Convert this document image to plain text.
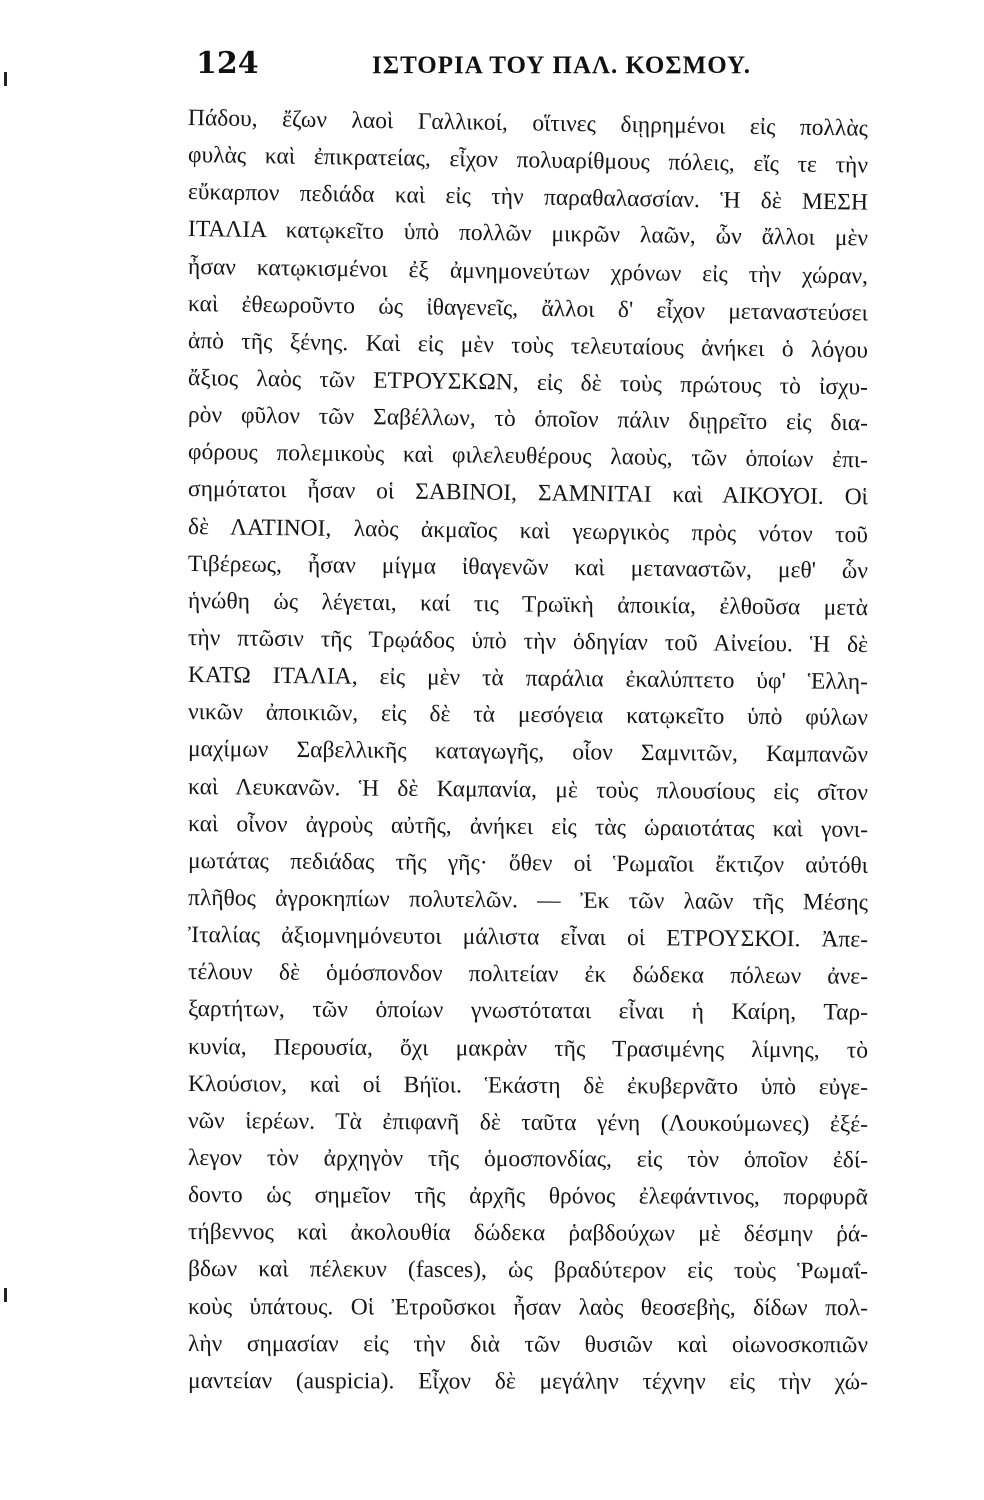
124	ΙΣΤΟΡΙΑ ΤΟΥ ΠΑΛ. ΚΟΣΜΟΥ.
Πάδου, ἔζων λαοὶ Γαλλικοί, οἵτινες διῃρημένοι εἰς πολλὰς
φυλὰς καὶ ἐπικρατείας, εἶχον πολυαρίθμους πόλεις, εἴς τε τὴν
εὔκαρπον πεδιάδα καὶ εἰς τὴν παραθαλασσίαν. Ἡ δὲ ΜΕΣΗ
ΙΤΑΛΙΑ κατῳκεῖτο ὑπὸ πολλῶν μικρῶν λαῶν, ὧν ἄλλοι μὲν
ἦσαν κατῳκισμένοι ἐξ ἀμνημονεύτων χρόνων εἰς τὴν χώραν,
καὶ ἐθεωροῦντο ὡς ἰθαγενεῖς, ἄλλοι δ' εἶχον μεταναστεύσει
ἀπὸ τῆς ξένης. Καὶ εἰς μὲν τοὺς τελευταίους ἀνήκει ὁ λόγου
ἄξιος λαὸς τῶν ΕΤΡΟΥΣΚΩΝ, εἰς δὲ τοὺς πρώτους τὸ ἰσχυ-
ρὸν φῦλον τῶν Σαβέλλων, τὸ ὁποῖον πάλιν διῃρεῖτο εἰς δια-
φόρους πολεμικοὺς καὶ φιλελευθέρους λαοὺς, τῶν ὁποίων ἐπι-
σημότατοι ἦσαν οἱ ΣΑΒΙΝΟΙ, ΣΑΜΝΙΤΑΙ καὶ ΑΙΚΟΥΟΙ. Οἱ
δὲ ΛΑΤΙΝΟΙ, λαὸς ἀκμαῖος καὶ γεωργικὸς πρὸς νότον τοῦ
Τιβέρεως, ἦσαν μίγμα ἰθαγενῶν καὶ μεταναστῶν, μεθ' ὧν
ἡνώθη ὡς λέγεται, καί τις Τρωϊκὴ ἀποικία, ἐλθοῦσα μετὰ
τὴν πτῶσιν τῆς Τρῳάδος ὑπὸ τὴν ὁδηγίαν τοῦ Αἰνείου. Ἡ δὲ
ΚΑΤΩ ΙΤΑΛΙΑ, εἰς μὲν τὰ παράλια ἐκαλύπτετο ὑφ' Ἑλλη-
νικῶν ἀποικιῶν, εἰς δὲ τὰ μεσόγεια κατῳκεῖτο ὑπὸ φύλων
μαχίμων Σαβελλικῆς καταγωγῆς, οἷον Σαμνιτῶν, Καμπανῶν
καὶ Λευκανῶν. Ἡ δὲ Καμπανία, μὲ τοὺς πλουσίους εἰς σῖτον
καὶ οἶνον ἀγροὺς αὐτῆς, ἀνήκει εἰς τὰς ὡραιοτάτας καὶ γονι-
μωτάτας πεδιάδας τῆς γῆς· ὅθεν οἱ Ῥωμαῖοι ἔκτιζον αὐτόθι
πλῆθος ἀγροκηπίων πολυτελῶν. — Ἐκ τῶν λαῶν τῆς Μέσης
Ἰταλίας ἀξιομνημόνευτοι μάλιστα εἶναι οἱ ΕΤΡΟΥΣΚΟΙ. Ἀπε-
τέλουν δὲ ὁμόσπονδον πολιτείαν ἐκ δώδεκα πόλεων ἀνε-
ξαρτήτων, τῶν ὁποίων γνωστόταται εἶναι ἡ Καίρη, Ταρ-
κυνία, Περουσία, ὄχι μακρὰν τῆς Τρασιμένης λίμνης, τὸ
Κλούσιον, καὶ οἱ Βήϊοι. Ἑκάστη δὲ ἐκυβερνᾶτο ὑπὸ εὐγε-
νῶν ἱερέων. Τὰ ἐπιφανῆ δὲ ταῦτα γένη (Λουκούμωνες) ἐξέ-
λεγον τὸν ἀρχηγὸν τῆς ὁμοσπονδίας, εἰς τὸν ὁποῖον ἐδί-
δοντο ὡς σημεῖον τῆς ἀρχῆς θρόνος ἐλεφάντινος, πορφυρᾶ
τήβεννος καὶ ἀκολουθία δώδεκα ῥαβδούχων μὲ δέσμην ῥά-
βδων καὶ πέλεκυν (fasces), ὡς βραδύτερον εἰς τοὺς Ῥωμαΐ-
κοὺς ὑπάτους. Οἱ Ἐτροῦσκοι ἦσαν λαὸς θεοσεβὴς, δίδων πολ-
λὴν σημασίαν εἰς τὴν διὰ τῶν θυσιῶν καὶ οἰωνοσκοπιῶν
μαντείαν (auspicia). Εἶχον δὲ μεγάλην τέχνην εἰς τὴν χώ-
